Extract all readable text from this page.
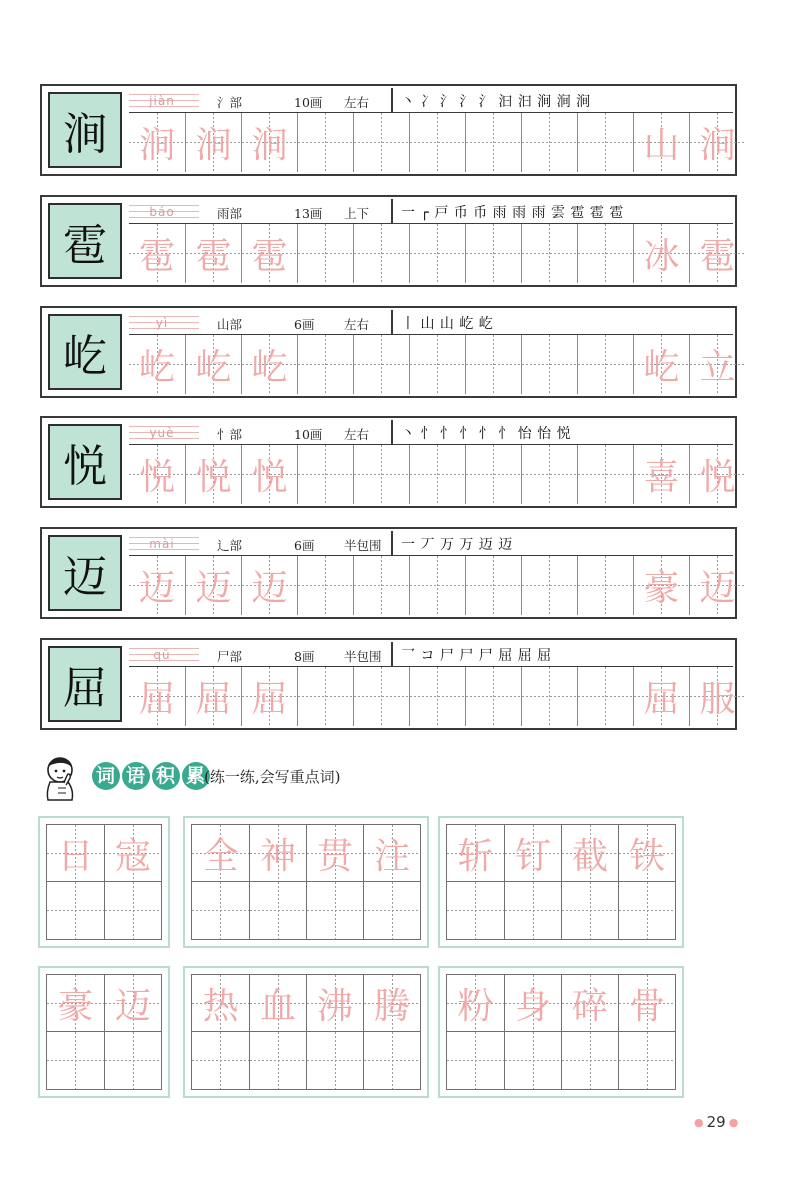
涧
jiàn	氵部	10画 左右 丶 冫 氵 氵 氵 汩 汩 涧 涧 涧
涧 涧 涧	山 涧
雹
báo	雨部	13画 上下 一 ┌ 戸 币 币 雨 雨 雨 雲 雹 雹 雹
雹 雹 雹	冰 雹
屹
yì	山部	6画 左右 丨 山 山 屹 屹
屹 屹 屹	屹 立
悦
yuè	忄部	10画 左右 丶 忄 忄 忄 忄 忄 怡 怡 悦
悦 悦 悦	喜 悦
迈
mài	辶部	6画 半包围 一 丆 万 万 迈 迈
迈 迈 迈	豪 迈
屈
qū	尸部	8画 半包围 乛 コ 尸 尸 尸 屈 屈 屈
屈 屈 屈	屈 服
词 语 积 累
(练一练,会写重点词)
日 寇 全 神 贯 注 斩 钉 截 铁
豪 迈 热 血 沸 腾 粉 身 碎 骨
● 29 ●
